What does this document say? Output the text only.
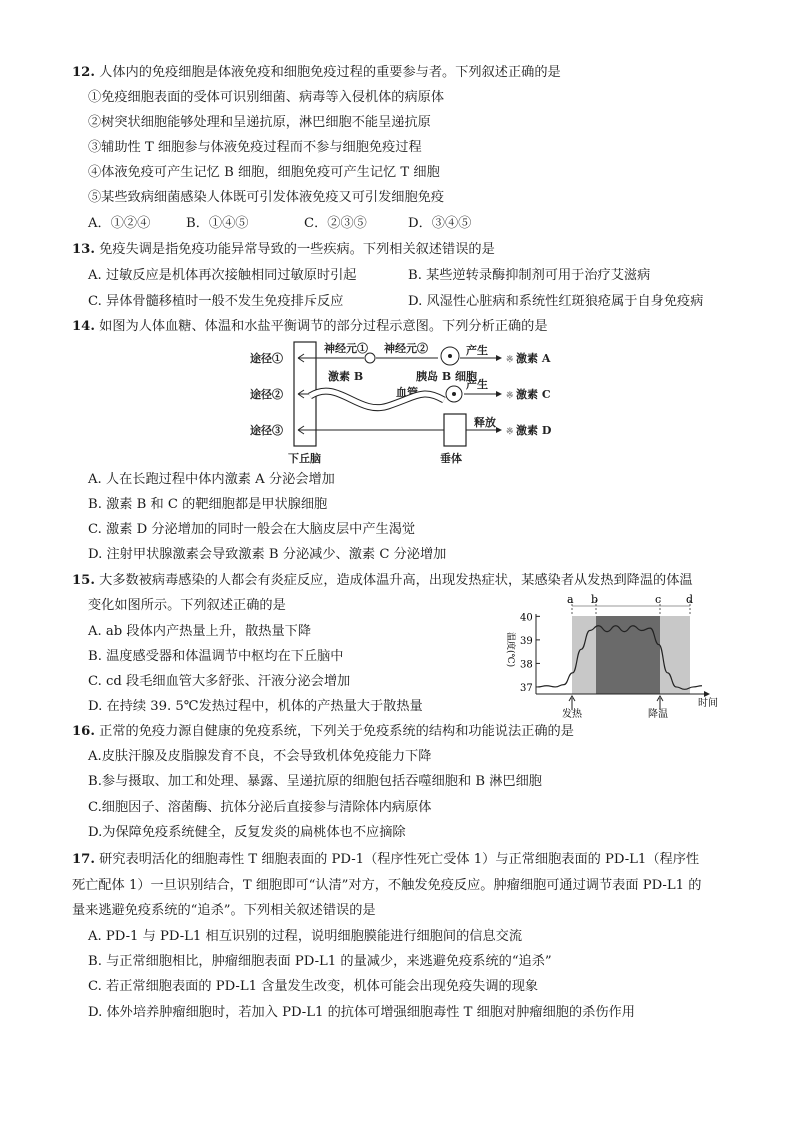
12. 人体内的免疫细胞是体液免疫和细胞免疫过程的重要参与者。下列叙述正确的是
①免疫细胞表面的受体可识别细菌、病毒等入侵机体的病原体
②树突状细胞能够处理和呈递抗原，淋巴细胞不能呈递抗原
③辅助性 T 细胞参与体液免疫过程而不参与细胞免疫过程
④体液免疫可产生记忆 B 细胞，细胞免疫可产生记忆 T 细胞
⑤某些致病细菌感染人体既可引发体液免疫又可引发细胞免疫
A．①②④	B．①④⑤	C．②③⑤	D．③④⑤
13. 免疫失调是指免疫功能异常导致的一些疾病。下列相关叙述错误的是
A. 过敏反应是机体再次接触相同过敏原时引起	B. 某些逆转录酶抑制剂可用于治疗艾滋病
C. 异体骨髓移植时一般不发生免疫排斥反应	D. 风湿性心脏病和系统性红斑狼疮属于自身免疫病
14. 如图为人体血糖、体温和水盐平衡调节的部分过程示意图。下列分析正确的是
下丘脑	垂体
途径①
途径②
途径③
神经元① 神经元②	产生
※ 激素 A
激素 B	胰岛 B 细胞
血管
产生
※ 激素 C
释放
※ 激素 D
A. 人在长跑过程中体内激素 A 分泌会增加
B. 激素 B 和 C 的靶细胞都是甲状腺细胞
C. 激素 D 分泌增加的同时一般会在大脑皮层中产生渴觉
D. 注射甲状腺激素会导致激素 B 分泌减少、激素 C 分泌增加
15. 大多数被病毒感染的人都会有炎症反应，造成体温升高，出现发热症状，某感染者从发热到降温的体温
变化如图所示。下列叙述正确的是
A. ab 段体内产热量上升，散热量下降
B. 温度感受器和体温调节中枢均在下丘脑中
C. cd 段毛细血管大多舒张、汗液分泌会增加
D. 在持续 39. 5℃发热过程中，机体的产热量大于散热量
a b	c d
时间
温度(℃)
37
38
39
40
发热	降温
16. 正常的免疫力源自健康的免疫系统，下列关于免疫系统的结构和功能说法正确的是
A.皮肤汗腺及皮脂腺发育不良，不会导致机体免疫能力下降
B.参与摄取、加工和处理、暴露、呈递抗原的细胞包括吞噬细胞和 B 淋巴细胞
C.细胞因子、溶菌酶、抗体分泌后直接参与清除体内病原体
D.为保障免疫系统健全，反复发炎的扁桃体也不应摘除
17. 研究表明活化的细胞毒性 T 细胞表面的 PD-1（程序性死亡受体 1）与正常细胞表面的 PD-L1（程序性
死亡配体 1）一旦识别结合，T 细胞即可“认清”对方，不触发免疫反应。肿瘤细胞可通过调节表面 PD-L1 的
量来逃避免疫系统的“追杀”。下列相关叙述错误的是
A. PD-1 与 PD-L1 相互识别的过程，说明细胞膜能进行细胞间的信息交流
B. 与正常细胞相比，肿瘤细胞表面 PD-L1 的量减少，来逃避免疫系统的“追杀”
C. 若正常细胞表面的 PD-L1 含量发生改变，机体可能会出现免疫失调的现象
D. 体外培养肿瘤细胞时，若加入 PD-L1 的抗体可增强细胞毒性 T 细胞对肿瘤细胞的杀伤作用
